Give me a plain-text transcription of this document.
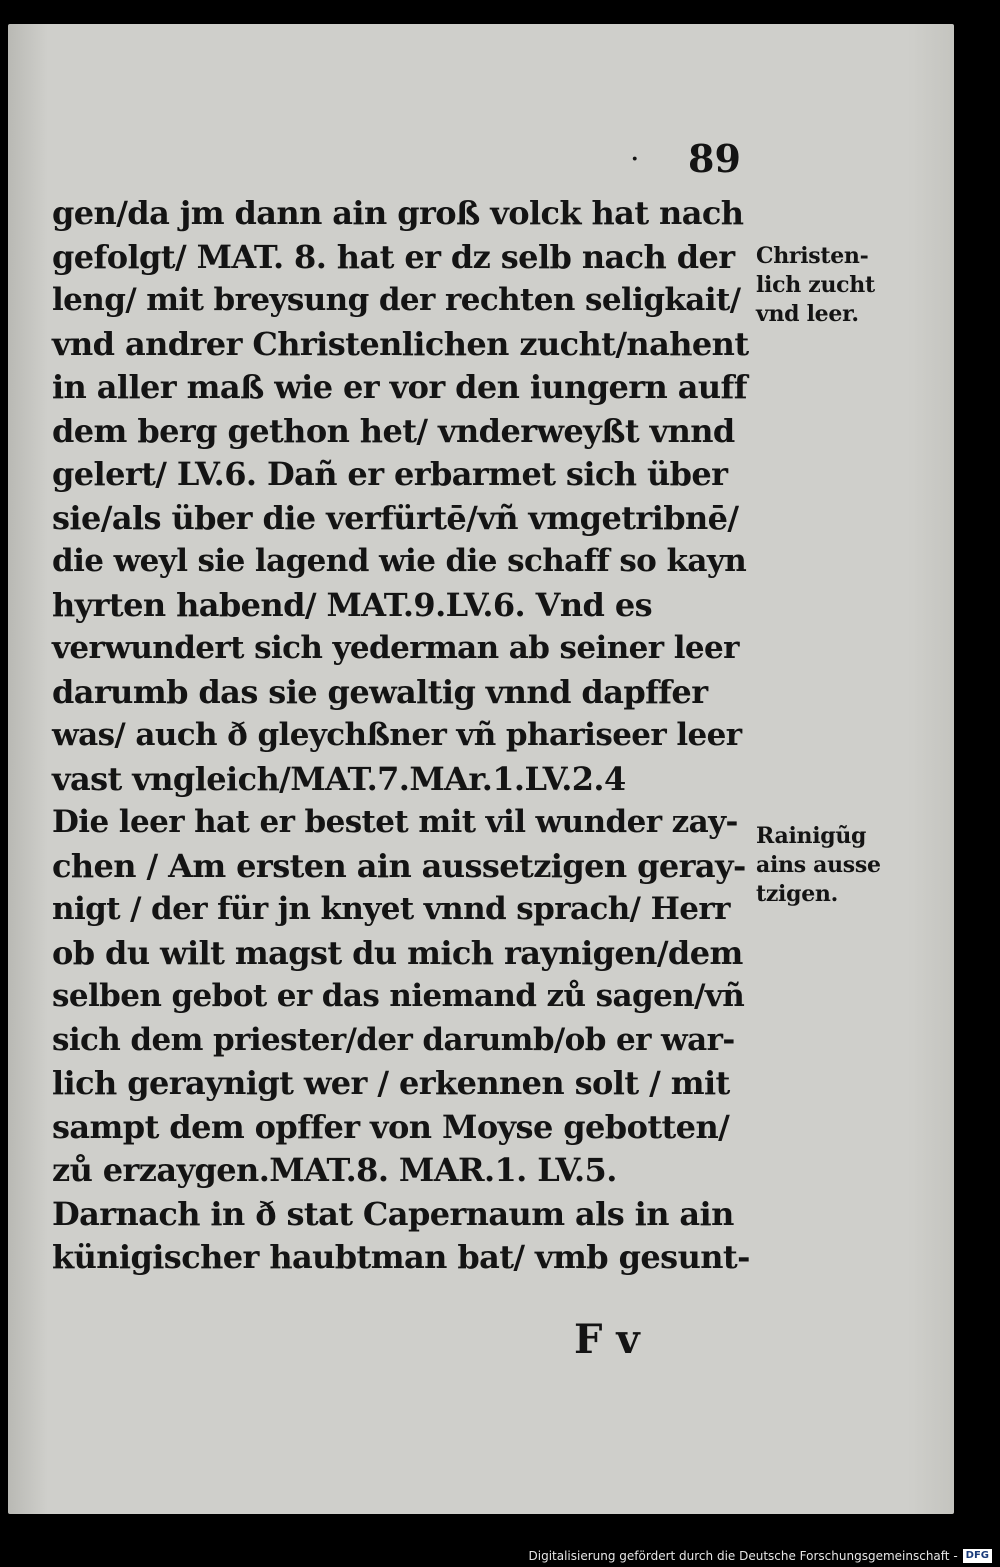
· 89
gen/da jm dann ain groß volck hat nach
gefolgt/ MAT. 8. hat er dz selb nach der
leng/ mit breysung der rechten seligkait/
vnd andrer Christenlichen zucht/nahent
in aller maß wie er vor den iungern auff
dem berg gethon het/ vnderweyßt vnnd
gelert/ LV.6. Dañ er erbarmet sich über
sie/als über die verfürtē/vñ vmgetribnē/
die weyl sie lagend wie die schaff so kayn
hyrten habend/ MAT.9.LV.6. Vnd es
verwundert sich yederman ab seiner leer
darumb das sie gewaltig vnnd dapffer
was/ auch ð gleychßner vñ phariseer leer
vast vngleich/MAT.7.MAr.1.LV.2.4
Die leer hat er bestet mit vil wunder zay-
chen / Am ersten ain aussetzigen geray-
nigt / der für jn knyet vnnd sprach/ Herr
ob du wilt magst du mich raynigen/dem
selben gebot er das niemand zů sagen/vñ
sich dem priester/der darumb/ob er war-
lich geraynigt wer / erkennen solt / mit
sampt dem opffer von Moyse gebotten/
zů erzaygen.MAT.8. MAR.1. LV.5.
Darnach in ð stat Capernaum als in ain
künigischer haubtman bat/ vmb gesunt-
Christen-
lich zucht
vnd leer.
Rainigũg
ains ausse
tzigen.
F v
Digitalisierung gefördert durch die Deutsche Forschungsgemeinschaft - DFG
